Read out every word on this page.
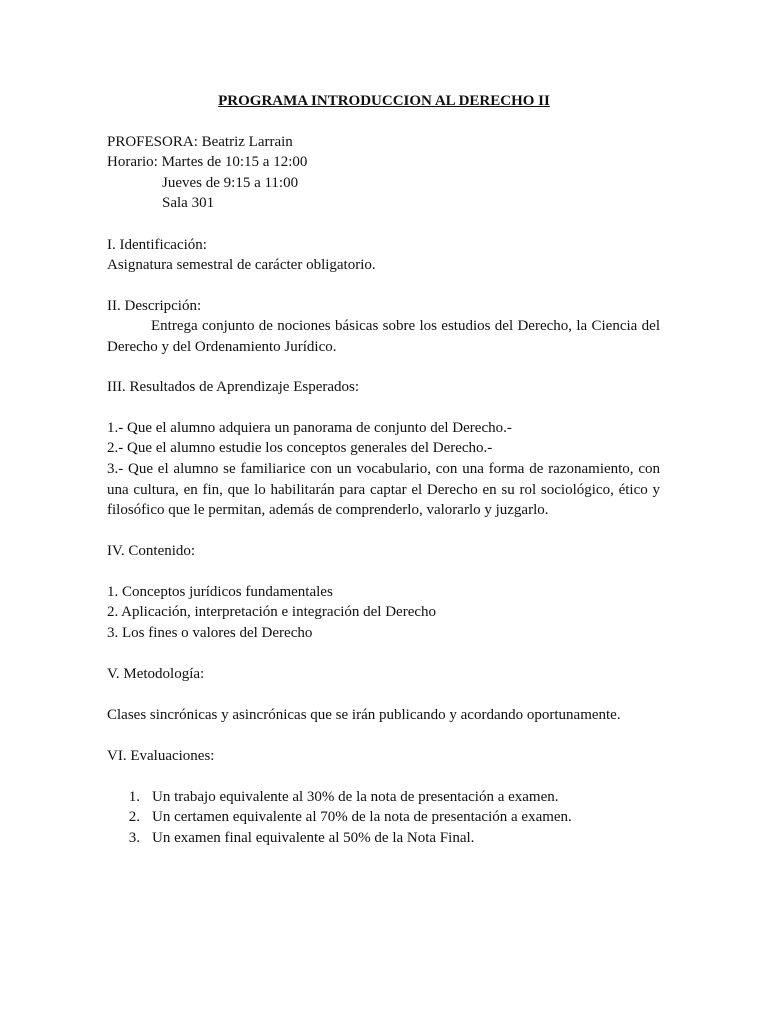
PROGRAMA INTRODUCCION AL DERECHO II
PROFESORA: Beatriz Larrain
Horario: Martes de 10:15 a 12:00
Jueves de 9:15 a 11:00
Sala 301
I. Identificación:
Asignatura semestral de carácter obligatorio.
II. Descripción:
Entrega conjunto de nociones básicas sobre los estudios del Derecho, la Ciencia del
Derecho y del Ordenamiento Jurídico.
III. Resultados de Aprendizaje Esperados:
1.- Que el alumno adquiera un panorama de conjunto del Derecho.-
2.- Que el alumno estudie los conceptos generales del Derecho.-
3.- Que el alumno se familiarice con un vocabulario, con una forma de razonamiento, con
una cultura, en fin, que lo habilitarán para captar el Derecho en su rol sociológico, ético y
filosófico que le permitan, además de comprenderlo, valorarlo y juzgarlo.
IV. Contenido:
1. Conceptos jurídicos fundamentales
2. Aplicación, interpretación e integración del Derecho
3. Los fines o valores del Derecho
V. Metodología:
Clases sincrónicas y asincrónicas que se irán publicando y acordando oportunamente.
VI. Evaluaciones:
1. Un trabajo equivalente al 30% de la nota de presentación a examen.
2. Un certamen equivalente al 70% de la nota de presentación a examen.
3. Un examen final equivalente al 50% de la Nota Final.
